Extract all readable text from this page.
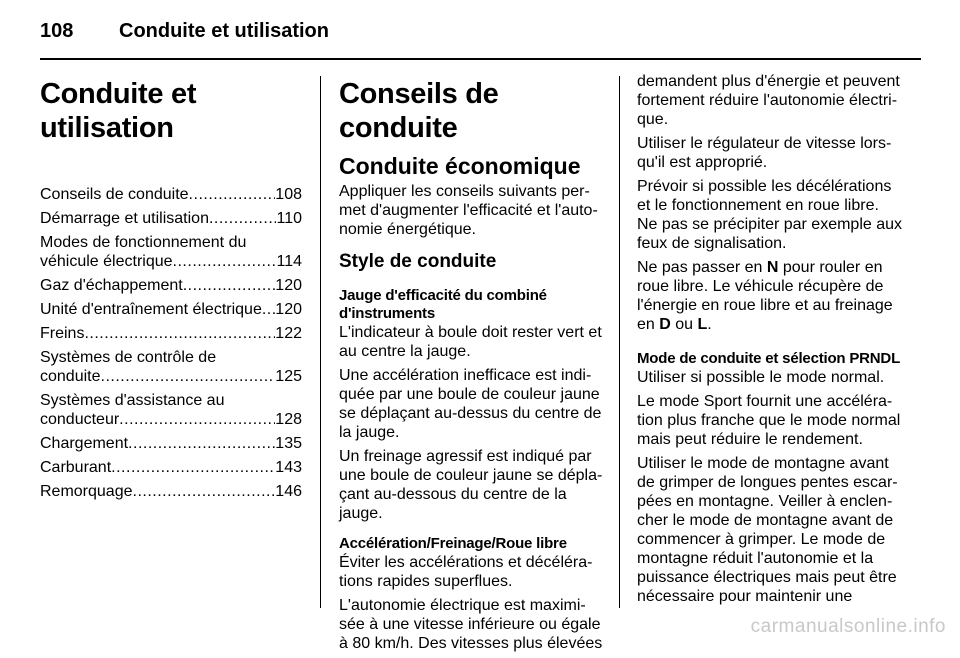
108 Conduite et utilisation
Conduite et utilisation
Conseils de conduite .....	108
Démarrage et utilisation .....	110
Modes de fonctionnement du
véhicule électrique .....	114
Gaz d'échappement .....	120
Unité d'entraînement électrique ..... 120
Freins .....	122
Systèmes de contrôle de
conduite .....	125
Systèmes d'assistance au
conducteur .....	128
Chargement .....	135
Carburant .....	143
Remorquage .....	146
Conseils de conduite
Conduite économique

Appliquer les conseils suivants per-met d'augmenter l'efficacité et l'auto-nomie énergétique.

Style de conduite
Jauge d'efficacité du combiné d'instruments

L'indicateur à boule doit rester vert et au centre la jauge.

Une accélération inefficace est indi-quée par une boule de couleur jaune se déplaçant au-dessus du centre de la jauge.

Un freinage agressif est indiqué par une boule de couleur jaune se dépla-çant au-dessous du centre de la jauge.

Accélération/Freinage/Roue libre

Éviter les accélérations et décéléra-tions rapides superflues.

L'autonomie électrique est maximi-sée à une vitesse inférieure ou égale à 80 km/h. Des vitesses plus élevées

demandent plus d'énergie et peuvent fortement réduire l'autonomie électri-que.

Utiliser le régulateur de vitesse lors-qu'il est approprié.

Prévoir si possible les décélérations et le fonctionnement en roue libre. Ne pas se précipiter par exemple aux feux de signalisation.

Ne pas passer en N pour rouler en roue libre. Le véhicule récupère de l'énergie en roue libre et au freinage en D ou L.

Mode de conduite et sélection PRNDL

Utiliser si possible le mode normal.

Le mode Sport fournit une accéléra-tion plus franche que le mode normal mais peut réduire le rendement.

Utiliser le mode de montagne avant de grimper de longues pentes escar-pées en montagne. Veiller à enclen-cher le mode de montagne avant de commencer à grimper. Le mode de montagne réduit l'autonomie et la puissance électriques mais peut être nécessaire pour maintenir une

carmanualsonline.info
